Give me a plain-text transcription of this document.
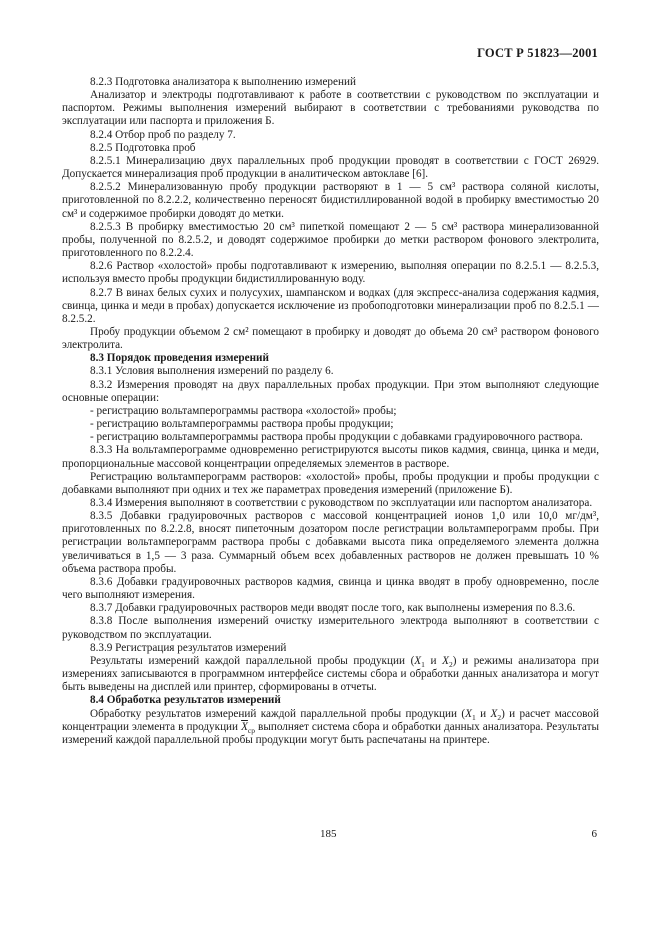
ГОСТ Р 51823—2001

8.2.3 Подготовка анализатора к выполнению измерений

Анализатор и электроды подготавливают к работе в соответствии с руководством по эксплуатации и паспортом. Режимы выполнения измерений выбирают в соответствии с требованиями руководства по эксплуатации или паспорта и приложения Б.

8.2.4 Отбор проб по разделу 7.

8.2.5 Подготовка проб

8.2.5.1 Минерализацию двух параллельных проб продукции проводят в соответствии с ГОСТ 26929. Допускается минерализация проб продукции в аналитическом автоклаве [6].

8.2.5.2 Минерализованную пробу продукции растворяют в 1 — 5 см³ раствора соляной кислоты, приготовленной по 8.2.2.2, количественно переносят бидистиллированной водой в пробирку вместимостью 20 см³ и содержимое пробирки доводят до метки.

8.2.5.3 В пробирку вместимостью 20 см³ пипеткой помещают 2 — 5 см³ раствора минерализованной пробы, полученной по 8.2.5.2, и доводят содержимое пробирки до метки раствором фонового электролита, приготовленного по 8.2.2.4.

8.2.6 Раствор «холостой» пробы подготавливают к измерению, выполняя операции по 8.2.5.1 — 8.2.5.3, используя вместо пробы продукции бидистиллированную воду.

8.2.7 В винах белых сухих и полусухих, шампанском и водках (для экспресс-анализа содержания кадмия, свинца, цинка и меди в пробах) допускается исключение из пробоподготовки минерализации проб по 8.2.5.1 — 8.2.5.2.

Пробу продукции объемом 2 см² помещают в пробирку и доводят до объема 20 см³ раствором фонового электролита.

8.3 Порядок проведения измерений

8.3.1 Условия выполнения измерений по разделу 6.

8.3.2 Измерения проводят на двух параллельных пробах продукции. При этом выполняют следующие основные операции:

- регистрацию вольтамперограммы раствора «холостой» пробы;

- регистрацию вольтамперограммы раствора пробы продукции;

- регистрацию вольтамперограммы раствора пробы продукции с добавками градуировочного раствора.

8.3.3 На вольтамперограмме одновременно регистрируются высоты пиков кадмия, свинца, цинка и меди, пропорциональные массовой концентрации определяемых элементов в растворе.

Регистрацию вольтамперограмм растворов: «холостой» пробы, пробы продукции и пробы продукции с добавками выполняют при одних и тех же параметрах проведения измерений (приложение Б).

8.3.4 Измерения выполняют в соответствии с руководством по эксплуатации или паспортом анализатора.

8.3.5 Добавки градуировочных растворов с массовой концентрацией ионов 1,0 или 10,0 мг/дм³, приготовленных по 8.2.2.8, вносят пипеточным дозатором после регистрации вольтамперограмм пробы. При регистрации вольтамперограмм раствора пробы с добавками высота пика определяемого элемента должна увеличиваться в 1,5 — 3 раза. Суммарный объем всех добавленных растворов не должен превышать 10 % объема раствора пробы.

8.3.6 Добавки градуировочных растворов кадмия, свинца и цинка вводят в пробу одновременно, после чего выполняют измерения.

8.3.7 Добавки градуировочных растворов меди вводят после того, как выполнены измерения по 8.3.6.

8.3.8 После выполнения измерений очистку измерительного электрода выполняют в соответствии с руководством по эксплуатации.

8.3.9 Регистрация результатов измерений

Результаты измерений каждой параллельной пробы продукции ($X_1$ и $X_2$) и режимы анализатора при измерениях записываются в программном интерфейсе системы сбора и обработки данных анализатора и могут быть выведены на дисплей или принтер, сформированы в отчеты.

8.4 Обработка результатов измерений

Обработку результатов измерений каждой параллельной пробы продукции ($X_1$ и $X_2$) и расчет массовой концентрации элемента в продукции $\overline{X}_{ср}$ выполняет система сбора и обработки данных анализатора. Результаты измерений каждой параллельной пробы продукции могут быть распечатаны на принтере.

185	6
